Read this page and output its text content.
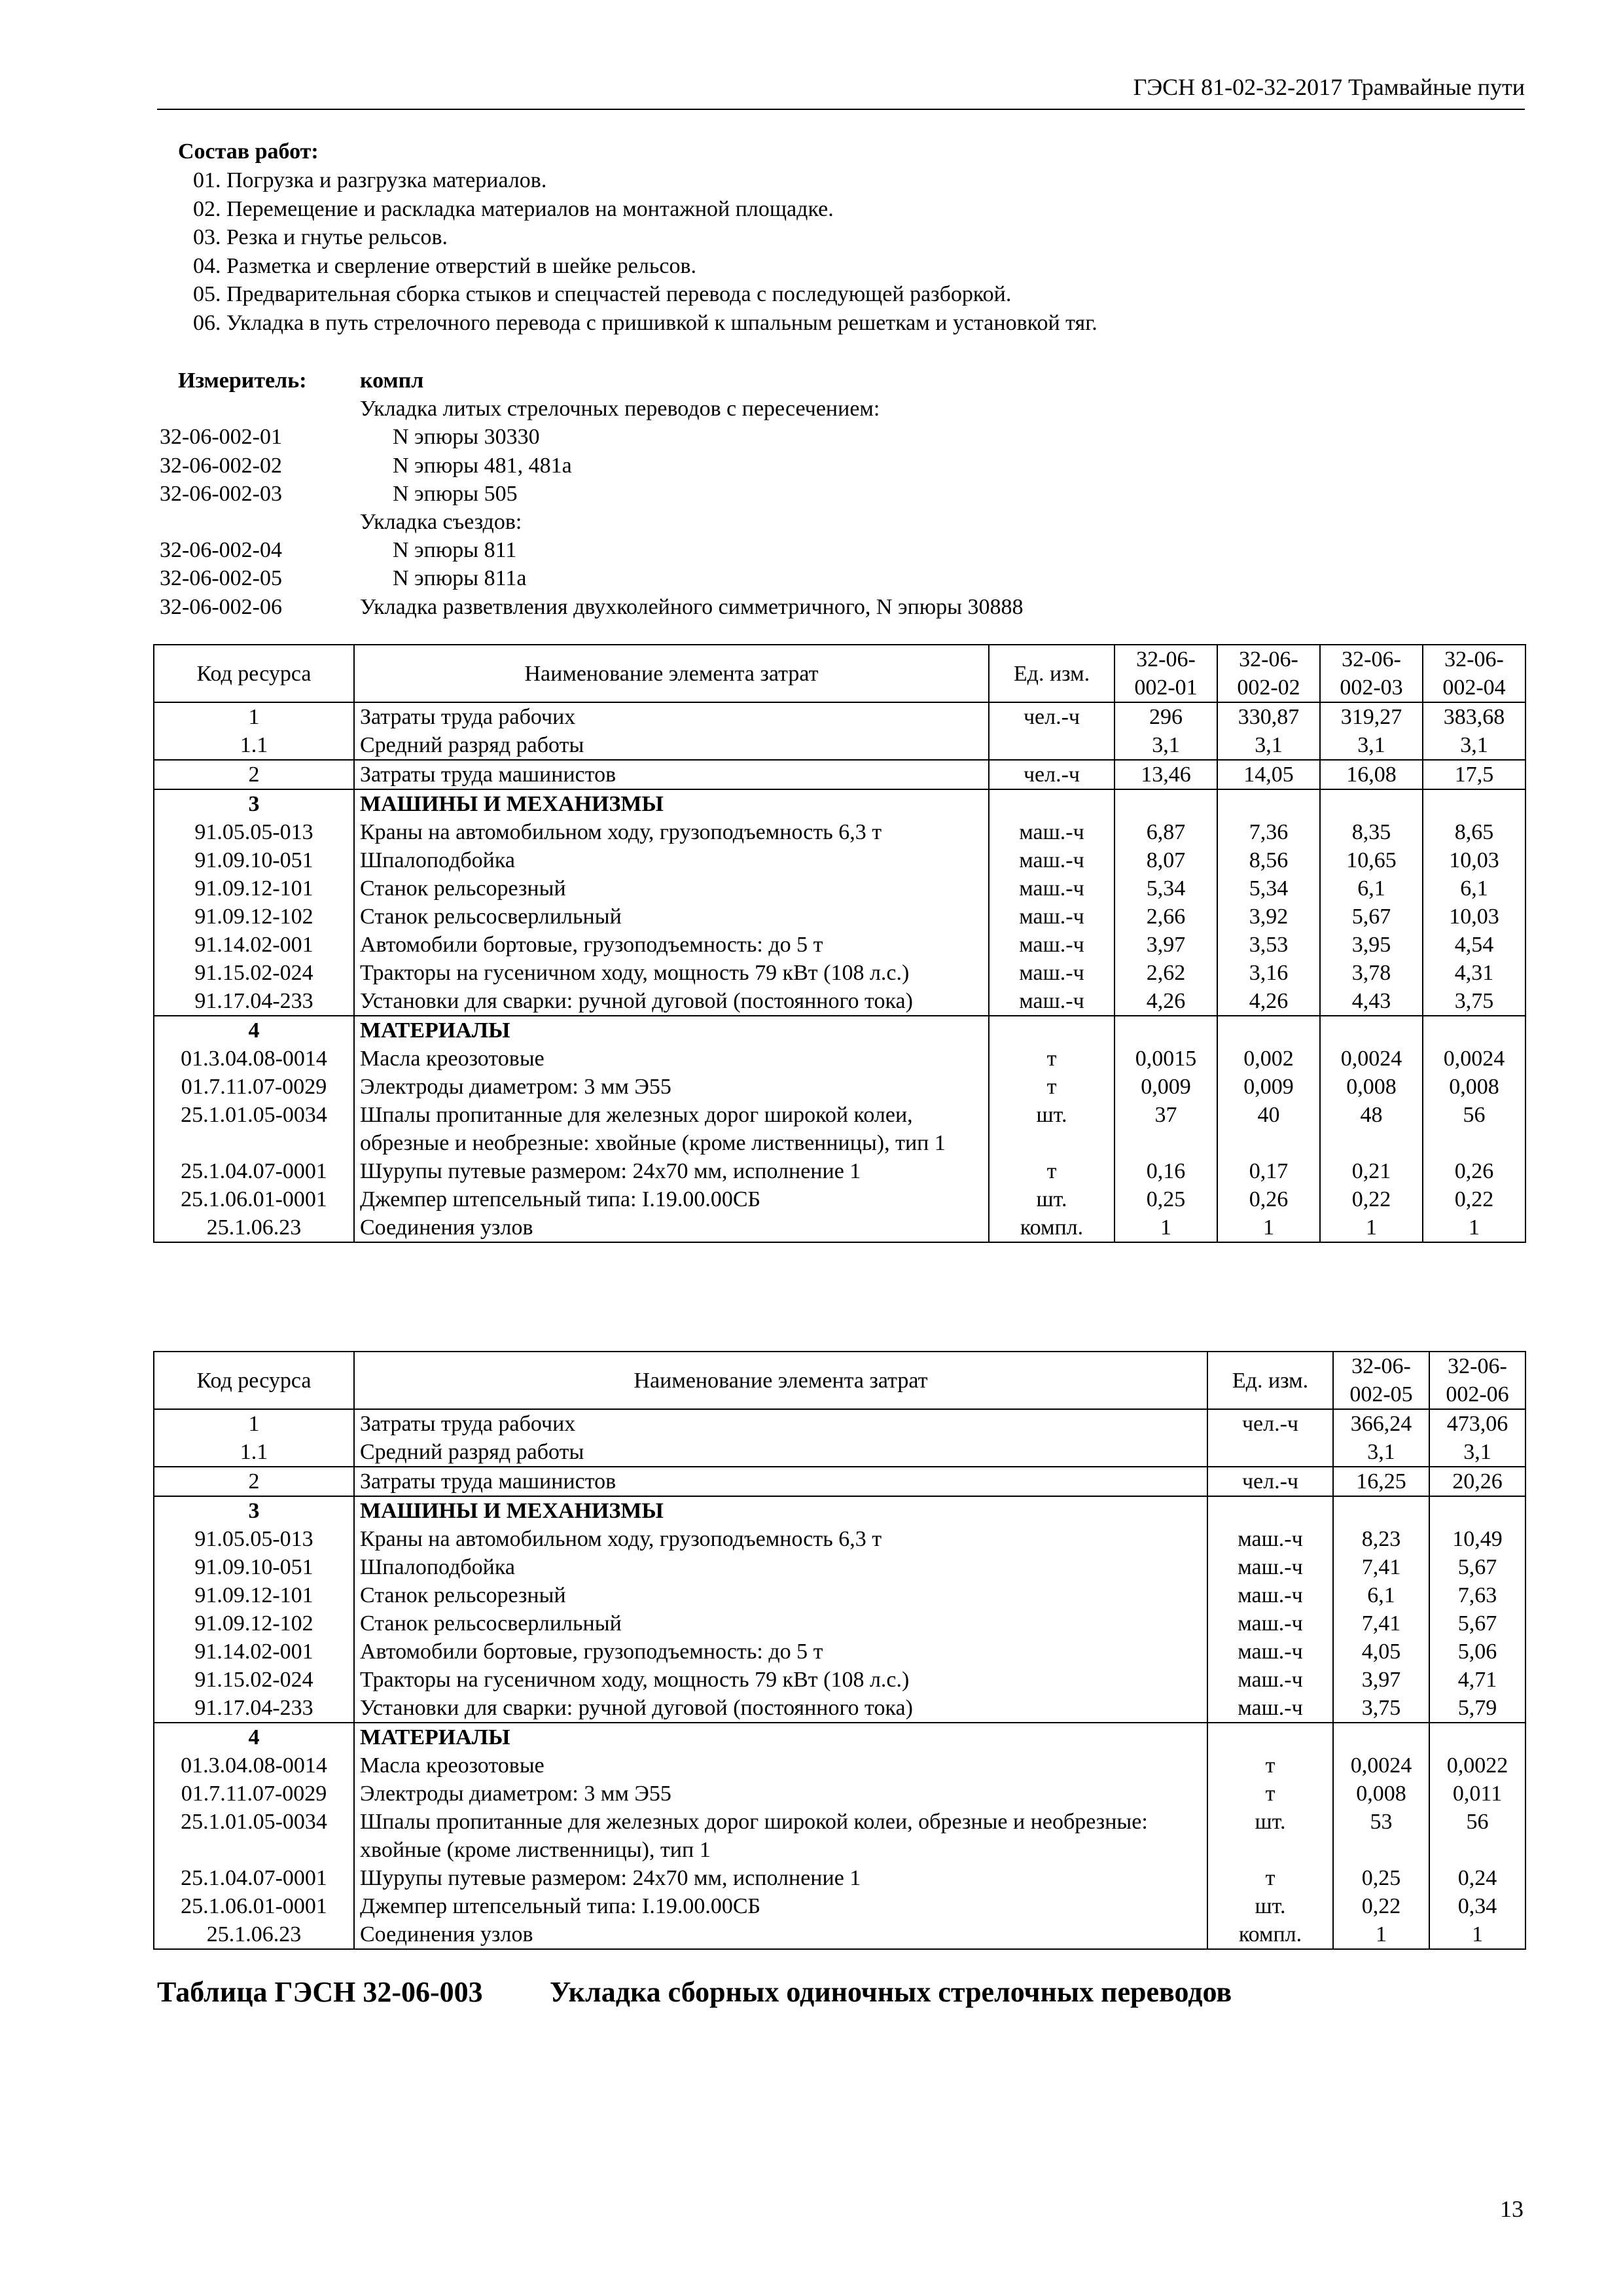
ГЭСН 81-02-32-2017 Трамвайные пути
Состав работ:
01. Погрузка и разгрузка материалов.
02. Перемещение и раскладка материалов на монтажной площадке.
03. Резка и гнутье рельсов.
04. Разметка и сверление отверстий в шейке рельсов.
05. Предварительная сборка стыков и спецчастей перевода с последующей разборкой.
06. Укладка в путь стрелочного перевода с пришивкой к шпальным решеткам и установкой тяг.
Измеритель: компл
Укладка литых стрелочных переводов с пересечением:
32-06-002-01	N эпюры 30330
32-06-002-02	N эпюры 481, 481а
32-06-002-03	N эпюры 505
Укладка съездов:
32-06-002-04	N эпюры 811
32-06-002-05	N эпюры 811а
32-06-002-06	Укладка разветвления двухколейного симметричного, N эпюры 30888
Код ресурса	Наименование элемента затрат	Ед. изм.	32-06-
002-01	32-06-
002-02	32-06-
002-03	32-06-
002-04
1	Затраты труда рабочих	чел.-ч	296	330,87	319,27	383,68
1.1	Средний разряд работы		3,1	3,1	3,1	3,1
2	Затраты труда машинистов	чел.-ч	13,46	14,05	16,08	17,5
3	МАШИНЫ И МЕХАНИЗМЫ					
91.05.05-013	Краны на автомобильном ходу, грузоподъемность 6,3 т	маш.-ч	6,87	7,36	8,35	8,65
91.09.10-051	Шпалоподбойка	маш.-ч	8,07	8,56	10,65	10,03
91.09.12-101	Станок рельсорезный	маш.-ч	5,34	5,34	6,1	6,1
91.09.12-102	Станок рельсосверлильный	маш.-ч	2,66	3,92	5,67	10,03
91.14.02-001	Автомобили бортовые, грузоподъемность: до 5 т	маш.-ч	3,97	3,53	3,95	4,54
91.15.02-024	Тракторы на гусеничном ходу, мощность 79 кВт (108 л.с.)	маш.-ч	2,62	3,16	3,78	4,31
91.17.04-233	Установки для сварки: ручной дуговой (постоянного тока)	маш.-ч	4,26	4,26	4,43	3,75
4	МАТЕРИАЛЫ					
01.3.04.08-0014	Масла креозотовые	т	0,0015	0,002	0,0024	0,0024
01.7.11.07-0029	Электроды диаметром: 3 мм Э55	т	0,009	0,009	0,008	0,008
25.1.01.05-0034	Шпалы пропитанные для железных дорог широкой колеи, обрезные и необрезные: хвойные (кроме лиственницы), тип 1	шт.	37	40	48	56
25.1.04.07-0001	Шурупы путевые размером: 24х70 мм, исполнение 1	т	0,16	0,17	0,21	0,26
25.1.06.01-0001	Джемпер штепсельный типа: I.19.00.00СБ	шт.	0,25	0,26	0,22	0,22
25.1.06.23	Соединения узлов	компл.	1	1	1	1
Код ресурса	Наименование элемента затрат	Ед. изм.	32-06-
002-05	32-06-
002-06
1	Затраты труда рабочих	чел.-ч	366,24	473,06
1.1	Средний разряд работы		3,1	3,1
2	Затраты труда машинистов	чел.-ч	16,25	20,26
3	МАШИНЫ И МЕХАНИЗМЫ			
91.05.05-013	Краны на автомобильном ходу, грузоподъемность 6,3 т	маш.-ч	8,23	10,49
91.09.10-051	Шпалоподбойка	маш.-ч	7,41	5,67
91.09.12-101	Станок рельсорезный	маш.-ч	6,1	7,63
91.09.12-102	Станок рельсосверлильный	маш.-ч	7,41	5,67
91.14.02-001	Автомобили бортовые, грузоподъемность: до 5 т	маш.-ч	4,05	5,06
91.15.02-024	Тракторы на гусеничном ходу, мощность 79 кВт (108 л.с.)	маш.-ч	3,97	4,71
91.17.04-233	Установки для сварки: ручной дуговой (постоянного тока)	маш.-ч	3,75	5,79
4	МАТЕРИАЛЫ			
01.3.04.08-0014	Масла креозотовые	т	0,0024	0,0022
01.7.11.07-0029	Электроды диаметром: 3 мм Э55	т	0,008	0,011
25.1.01.05-0034	Шпалы пропитанные для железных дорог широкой колеи, обрезные и необрезные: хвойные (кроме лиственницы), тип 1	шт.	53	56
25.1.04.07-0001	Шурупы путевые размером: 24х70 мм, исполнение 1	т	0,25	0,24
25.1.06.01-0001	Джемпер штепсельный типа: I.19.00.00СБ	шт.	0,22	0,34
25.1.06.23	Соединения узлов	компл.	1	1
Таблица ГЭСН 32-06-003 Укладка сборных одиночных стрелочных переводов
13
